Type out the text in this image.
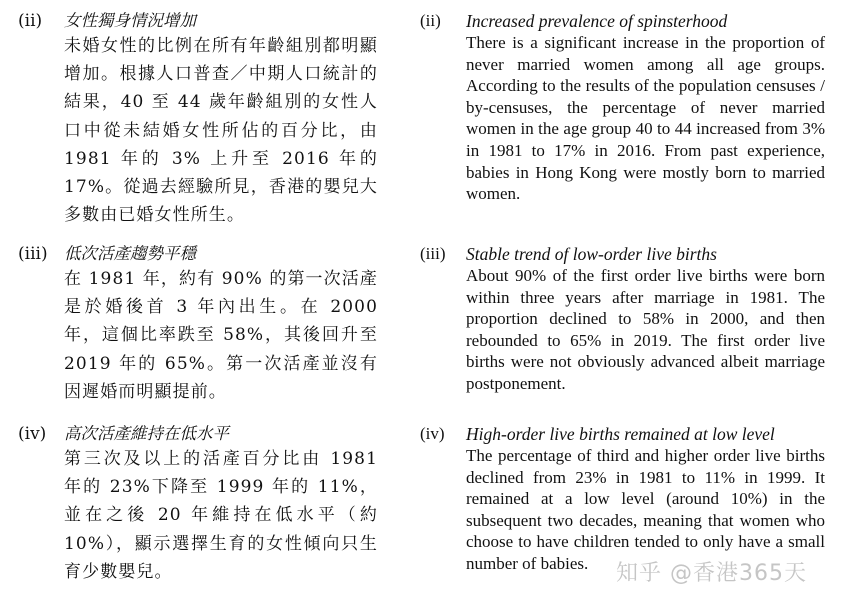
(ii) 女性獨身情況增加
未婚女性的比例在所有年齡組別都明顯增加。根據人口普查／中期人口統計的結果，40 至 44 歲年齡組別的女性人口中從未結婚女性所佔的百分比，由 1981 年的 3% 上升至 2016 年的 17%。從過去經驗所見，香港的嬰兒大多數由已婚女性所生。
(iii) 低次活產趨勢平穩
在 1981 年，約有 90% 的第一次活產是於婚後首 3 年內出生。在 2000 年，這個比率跌至 58%，其後回升至 2019 年的 65%。第一次活產並沒有因遲婚而明顯提前。
(iv) 高次活產維持在低水平
第三次及以上的活產百分比由 1981 年的 23%下降至 1999 年的 11%，並在之後 20 年維持在低水平（約 10%），顯示選擇生育的女性傾向只生育少數嬰兒。
(ii) Increased prevalence of spinsterhood
There is a significant increase in the proportion of never married women among all age groups. According to the results of the population censuses / by-censuses, the percentage of never married women in the age group 40 to 44 increased from 3% in 1981 to 17% in 2016. From past experience, babies in Hong Kong were mostly born to married women.
(iii) Stable trend of low-order live births
About 90% of the first order live births were born within three years after marriage in 1981. The proportion declined to 58% in 2000, and then rebounded to 65% in 2019. The first order live births were not obviously advanced albeit marriage postponement.
(iv) High-order live births remained at low level
The percentage of third and higher order live births declined from 23% in 1981 to 11% in 1999. It remained at a low level (around 10%) in the subsequent two decades, meaning that women who choose to have children tended to only have a small number of babies.	知乎 @香港365天
